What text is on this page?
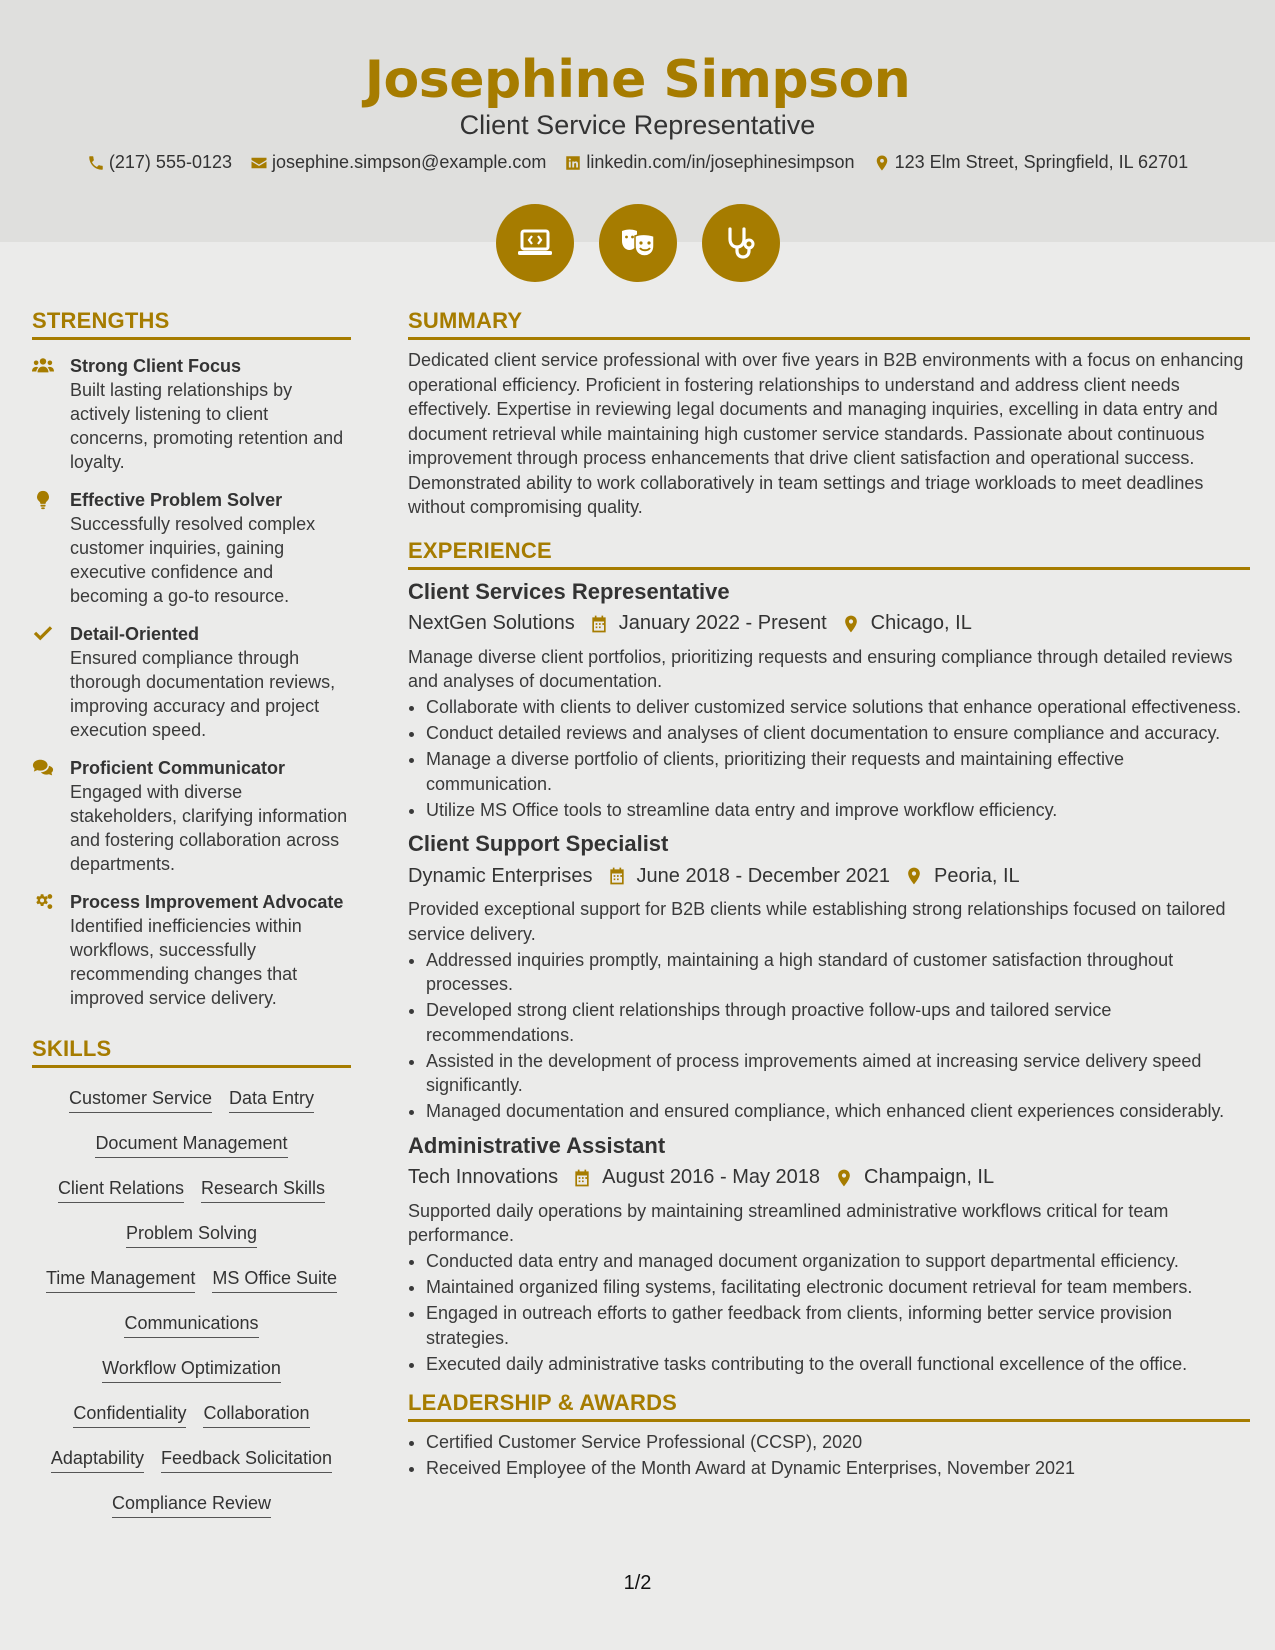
Josephine Simpson
Client Service Representative
(217) 555-0123 josephine.simpson@example.com linkedin.com/in/josephinesimpson 123 Elm Street, Springfield, IL 62701
STRENGTHS
Strong Client Focus
Built lasting relationships by actively listening to client concerns, promoting retention and loyalty.
Effective Problem Solver
Successfully resolved complex customer inquiries, gaining executive confidence and becoming a go-to resource.
Detail-Oriented
Ensured compliance through thorough documentation reviews, improving accuracy and project execution speed.
Proficient Communicator
Engaged with diverse stakeholders, clarifying information and fostering collaboration across departments.
Process Improvement Advocate
Identified inefficiencies within workflows, successfully recommending changes that improved service delivery.
SKILLS
Customer Service Data Entry
Document Management
Client Relations Research Skills
Problem Solving
Time Management MS Office Suite
Communications
Workflow Optimization
Confidentiality Collaboration
Adaptability Feedback Solicitation
Compliance Review
SUMMARY
Dedicated client service professional with over five years in B2B environments with a focus on enhancing operational efficiency. Proficient in fostering relationships to understand and address client needs effectively. Expertise in reviewing legal documents and managing inquiries, excelling in data entry and document retrieval while maintaining high customer service standards. Passionate about continuous improvement through process enhancements that drive client satisfaction and operational success. Demonstrated ability to work collaboratively in team settings and triage workloads to meet deadlines without compromising quality.
EXPERIENCE
Client Services Representative
NextGen Solutions January 2022 - Present Chicago, IL
Manage diverse client portfolios, prioritizing requests and ensuring compliance through detailed reviews and analyses of documentation.
• Collaborate with clients to deliver customized service solutions that enhance operational effectiveness.
• Conduct detailed reviews and analyses of client documentation to ensure compliance and accuracy.
• Manage a diverse portfolio of clients, prioritizing their requests and maintaining effective communication.
• Utilize MS Office tools to streamline data entry and improve workflow efficiency.
Client Support Specialist
Dynamic Enterprises June 2018 - December 2021 Peoria, IL
Provided exceptional support for B2B clients while establishing strong relationships focused on tailored service delivery.
• Addressed inquiries promptly, maintaining a high standard of customer satisfaction throughout processes.
• Developed strong client relationships through proactive follow-ups and tailored service recommendations.
• Assisted in the development of process improvements aimed at increasing service delivery speed significantly.
• Managed documentation and ensured compliance, which enhanced client experiences considerably.
Administrative Assistant
Tech Innovations August 2016 - May 2018 Champaign, IL
Supported daily operations by maintaining streamlined administrative workflows critical for team performance.
• Conducted data entry and managed document organization to support departmental efficiency.
• Maintained organized filing systems, facilitating electronic document retrieval for team members.
• Engaged in outreach efforts to gather feedback from clients, informing better service provision strategies.
• Executed daily administrative tasks contributing to the overall functional excellence of the office.
LEADERSHIP & AWARDS
• Certified Customer Service Professional (CCSP), 2020
• Received Employee of the Month Award at Dynamic Enterprises, November 2021
1/2
